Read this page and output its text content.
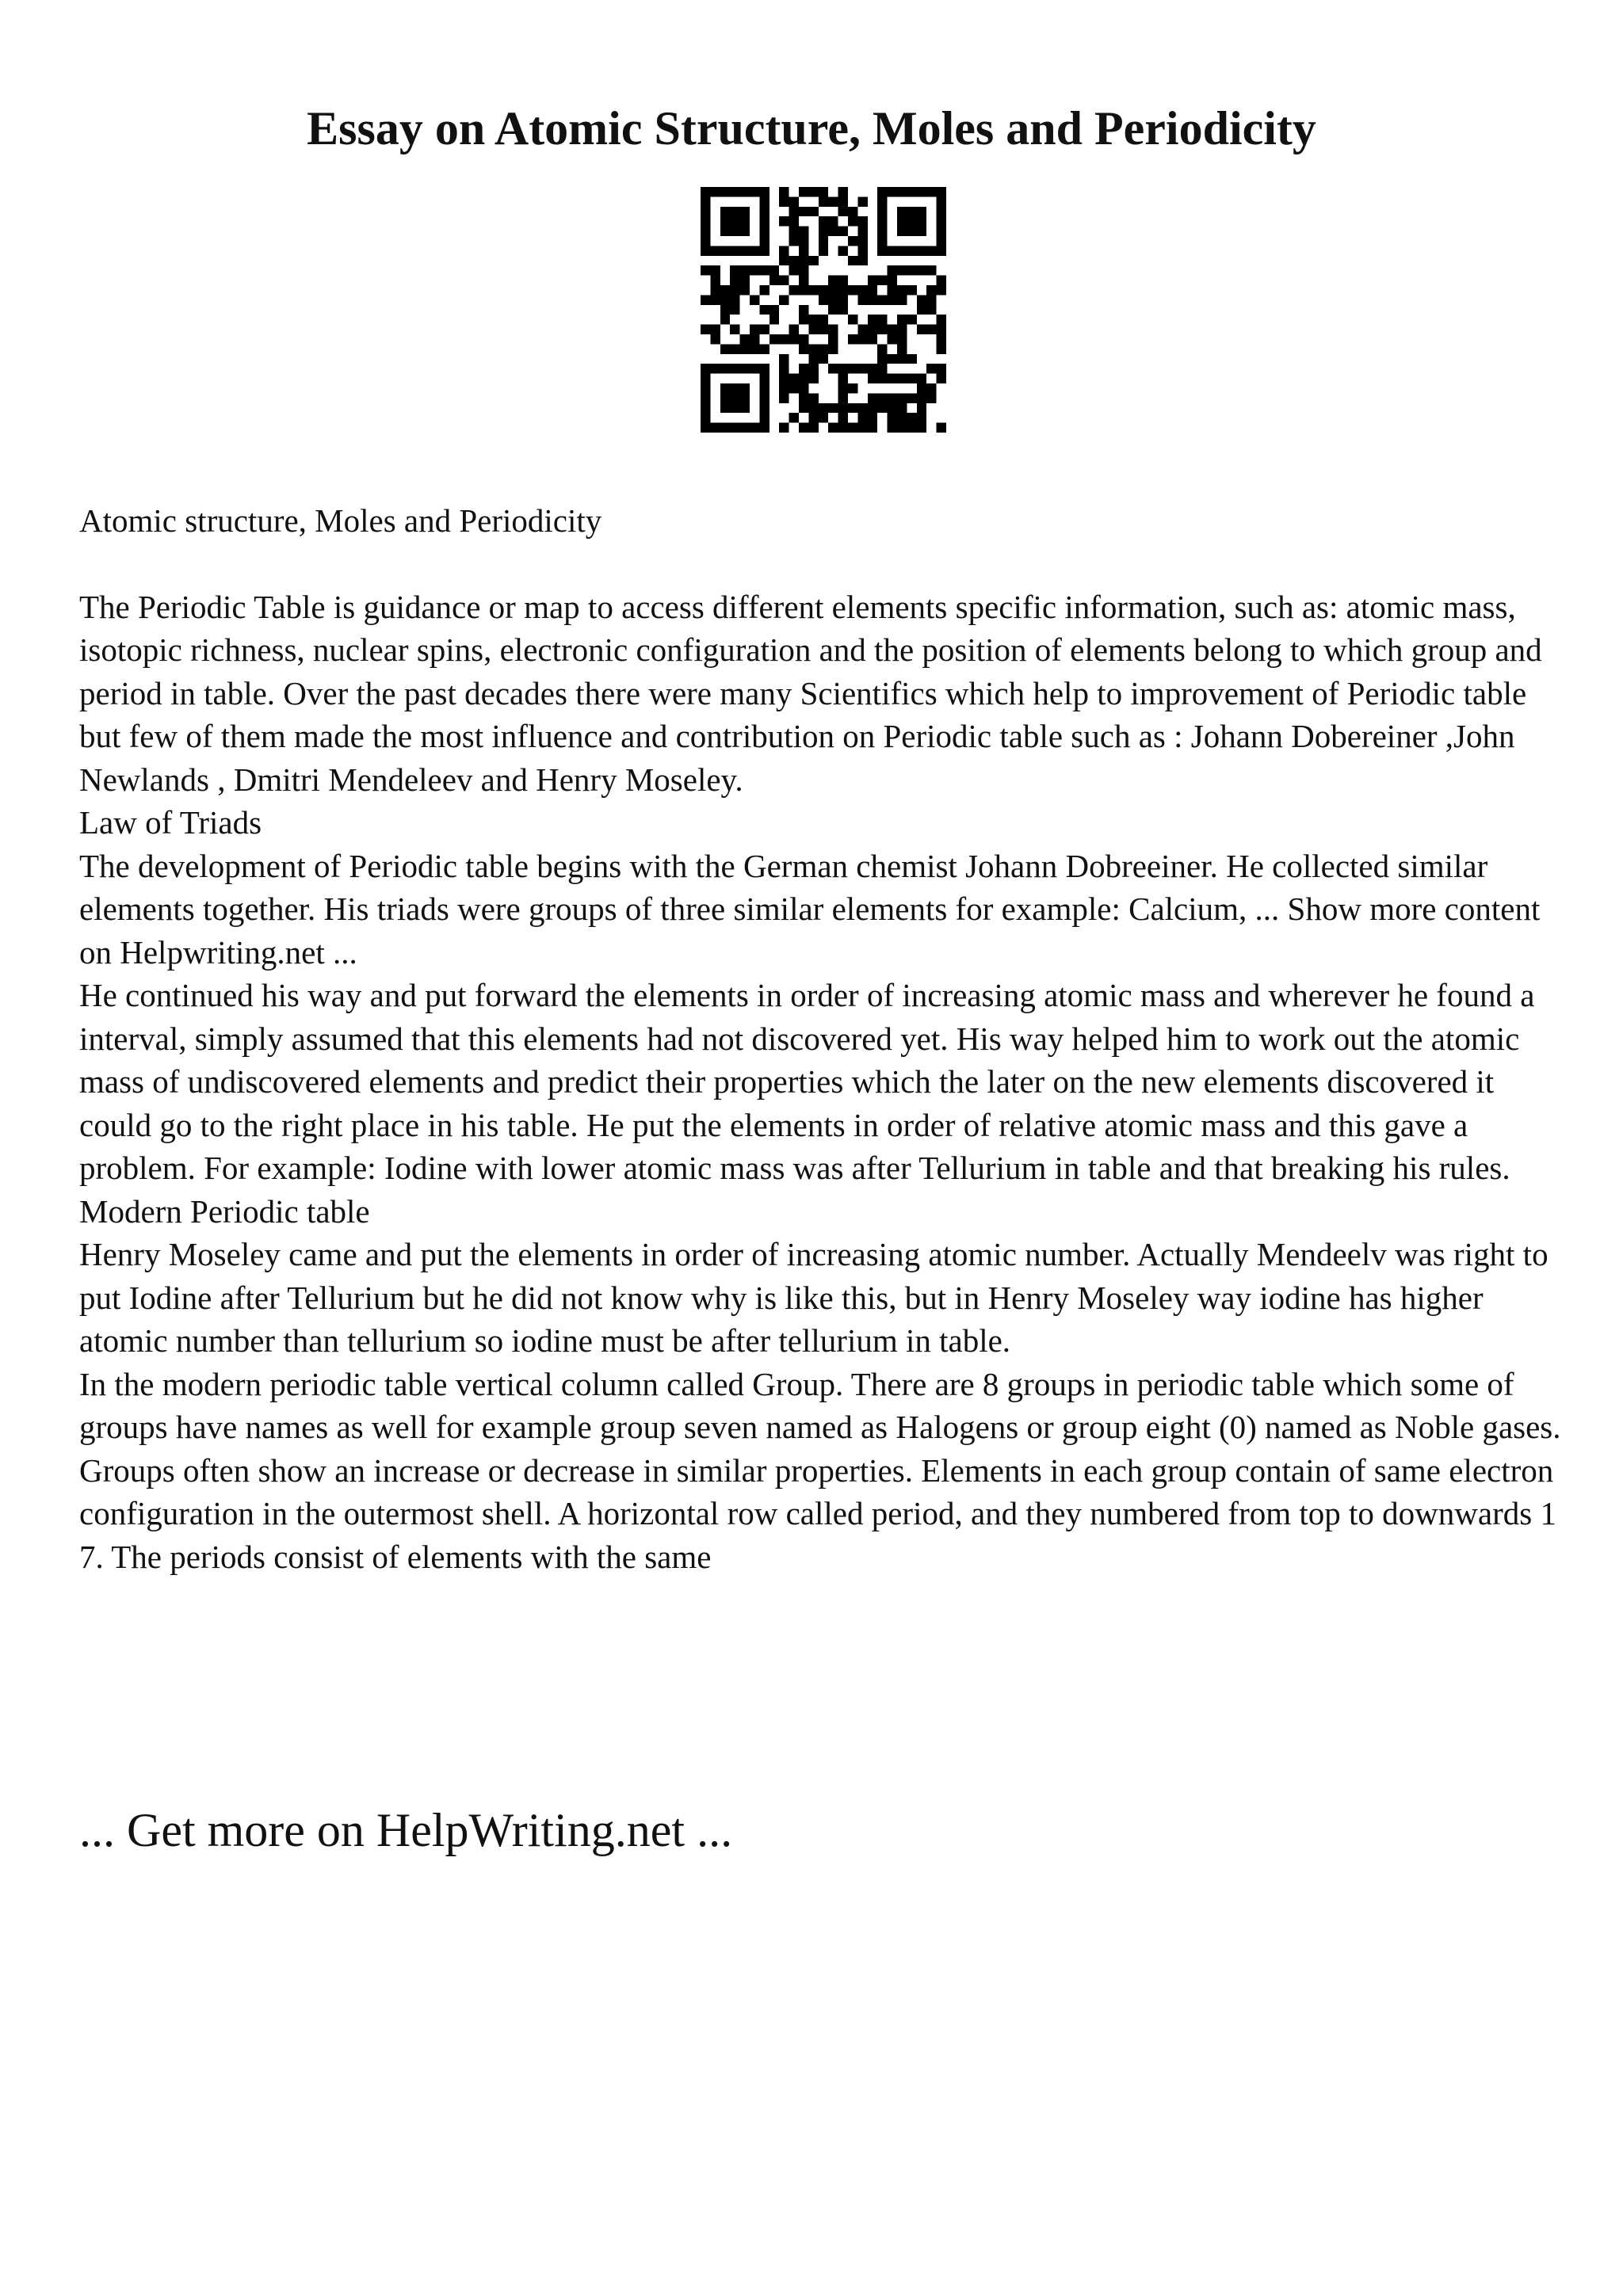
Essay on Atomic Structure, Moles and Periodicity

Atomic structure, Moles and Periodicity

The Periodic Table is guidance or map to access different elements specific information, such as: atomic mass, isotopic richness, nuclear spins, electronic configuration and the position of elements belong to which group and period in table. Over the past decades there were many Scientifics which help to improvement of Periodic table but few of them made the most influence and contribution on Periodic table such as : Johann Dobereiner ,John Newlands , Dmitri Mendeleev and Henry Moseley.

Law of Triads

The development of Periodic table begins with the German chemist Johann Dobreeiner. He collected similar elements together. His triads were groups of three similar elements for example: Calcium, ... Show more content on Helpwriting.net ...

He continued his way and put forward the elements in order of increasing atomic mass and wherever he found a interval, simply assumed that this elements had not discovered yet. His way helped him to work out the atomic mass of undiscovered elements and predict their properties which the later on the new elements discovered it could go to the right place in his table. He put the elements in order of relative atomic mass and this gave a problem. For example: Iodine with lower atomic mass was after Tellurium in table and that breaking his rules.

Modern Periodic table

Henry Moseley came and put the elements in order of increasing atomic number. Actually Mendeelv was right to put Iodine after Tellurium but he did not know why is like this, but in Henry Moseley way iodine has higher atomic number than tellurium so iodine must be after tellurium in table.

In the modern periodic table vertical column called Group. There are 8 groups in periodic table which some of groups have names as well for example group seven named as Halogens or group eight (0) named as Noble gases. Groups often show an increase or decrease in similar properties. Elements in each group contain of same electron configuration in the outermost shell. A horizontal row called period, and they numbered from top to downwards 1 7. The periods consist of elements with the same

... Get more on HelpWriting.net ...
